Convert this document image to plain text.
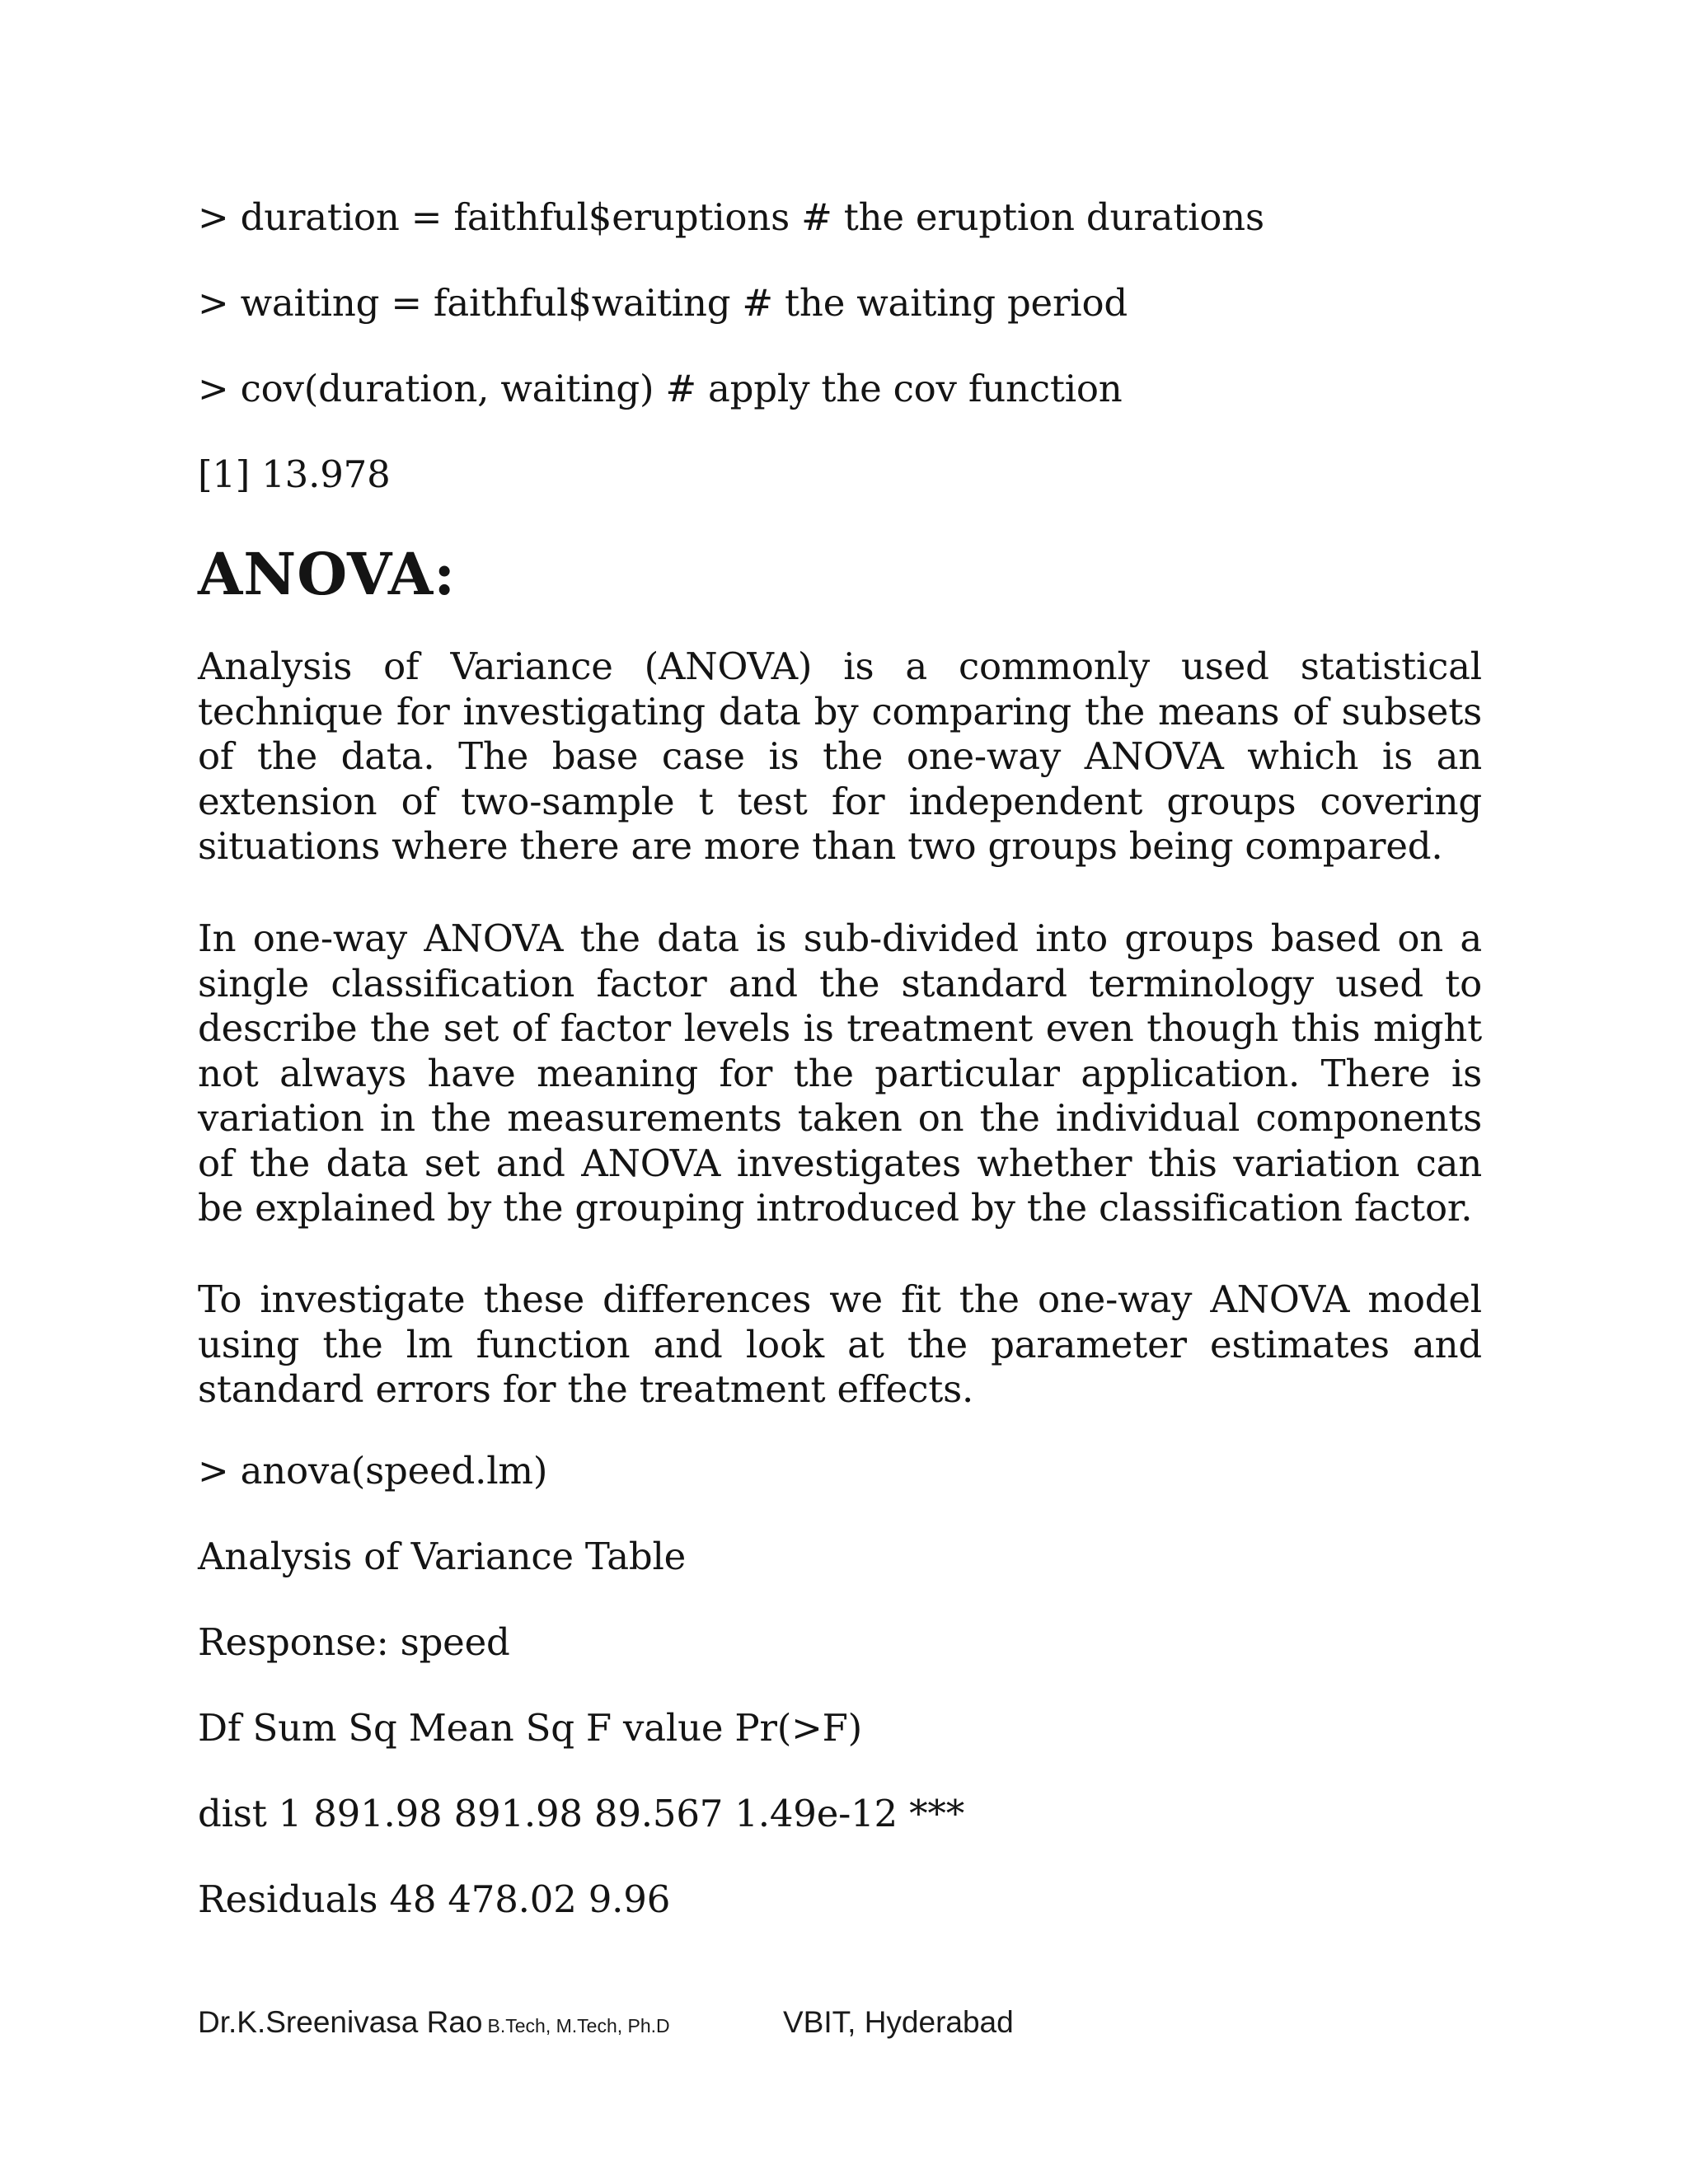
> duration = faithful$eruptions # the eruption durations
> waiting = faithful$waiting # the waiting period
> cov(duration, waiting) # apply the cov function
[1] 13.978
ANOVA:
Analysis of Variance (ANOVA) is a commonly used statistical
technique for investigating data by comparing the means of subsets
of the data. The base case is the one-way ANOVA which is an
extension of two-sample t test for independent groups covering
situations where there are more than two groups being compared.
In one-way ANOVA the data is sub-divided into groups based on a
single classification factor and the standard terminology used to
describe the set of factor levels is treatment even though this might
not always have meaning for the particular application. There is
variation in the measurements taken on the individual components
of the data set and ANOVA investigates whether this variation can
be explained by the grouping introduced by the classification factor.
To investigate these differences we fit the one-way ANOVA model
using the lm function and look at the parameter estimates and
standard errors for the treatment effects.
> anova(speed.lm)
Analysis of Variance Table
Response: speed
Df Sum Sq Mean Sq F value Pr(>F)
dist 1 891.98 891.98 89.567 1.49e-12 ***
Residuals 48 478.02 9.96
Dr.K.Sreenivasa Rao B.Tech, M.Tech, Ph.D	VBIT, Hyderabad
